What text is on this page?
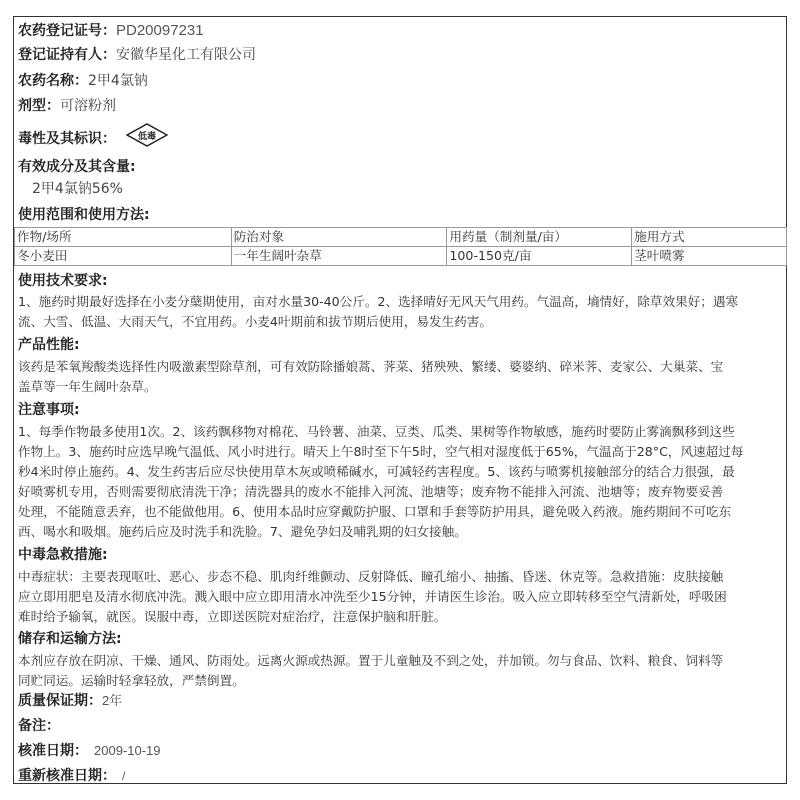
农药登记证号：PD20097231
登记证持有人：安徽华星化工有限公司
农药名称：2甲4氯钠
剂型：可溶粉剂
毒性及其标识： 低毒
有效成分及其含量:
2甲4氯钠56%
使用范围和使用方法:
作物/场所	防治对象	用药量（制剂量/亩）	施用方式
冬小麦田	一年生阔叶杂草	100-150克/亩	茎叶喷雾
使用技术要求:
1、施药时期最好选择在小麦分蘖期使用，亩对水量30-40公斤。2、选择晴好无风天气用药。气温高，墒情好，除草效果好；遇寒
流、大雪、低温、大雨天气，不宜用药。小麦4叶期前和拔节期后使用，易发生药害。
产品性能:
该药是苯氧羧酸类选择性内吸激素型除草剂，可有效防除播娘蒿、荠菜、猪殃殃、繁缕、婆婆纳、碎米荠、麦家公、大巢菜、宝
盖草等一年生阔叶杂草。
注意事项:
1、每季作物最多使用1次。2、该药飘移物对棉花、马铃薯、油菜、豆类、瓜类、果树等作物敏感，施药时要防止雾滴飘移到这些
作物上。3、施药时应选早晚气温低、风小时进行。晴天上午8时至下午5时，空气相对湿度低于65%，气温高于28°C，风速超过每
秒4米时停止施药。4、发生药害后应尽快使用草木灰或喷稀碱水，可减轻药害程度。5、该药与喷雾机接触部分的结合力很强，最
好喷雾机专用，否则需要彻底清洗干净；清洗器具的废水不能排入河流、池塘等；废弃物不能排入河流、池塘等；废弃物要妥善
处理，不能随意丢弃，也不能做他用。6、使用本品时应穿戴防护服、口罩和手套等防护用具，避免吸入药液。施药期间不可吃东
西、喝水和吸烟。施药后应及时洗手和洗脸。7、避免孕妇及哺乳期的妇女接触。
中毒急救措施:
中毒症状：主要表现呕吐、恶心、步态不稳、肌肉纤维颤动、反射降低、瞳孔缩小、抽搐、昏迷、休克等。急救措施：皮肤接触
应立即用肥皂及清水彻底冲洗。溅入眼中应立即用清水冲洗至少15分钟，并请医生诊治。吸入应立即转移至空气清新处，呼吸困
难时给予输氧，就医。误服中毒，立即送医院对症治疗，注意保护脑和肝脏。
储存和运输方法:
本剂应存放在阴凉、干燥、通风、防雨处。远离火源或热源。置于儿童触及不到之处，并加锁。勿与食品、饮料、粮食、饲料等
同贮同运。运输时轻拿轻放，严禁倒置。
质量保证期：2年
备注：
核准日期： 2009-10-19
重新核准日期： /
